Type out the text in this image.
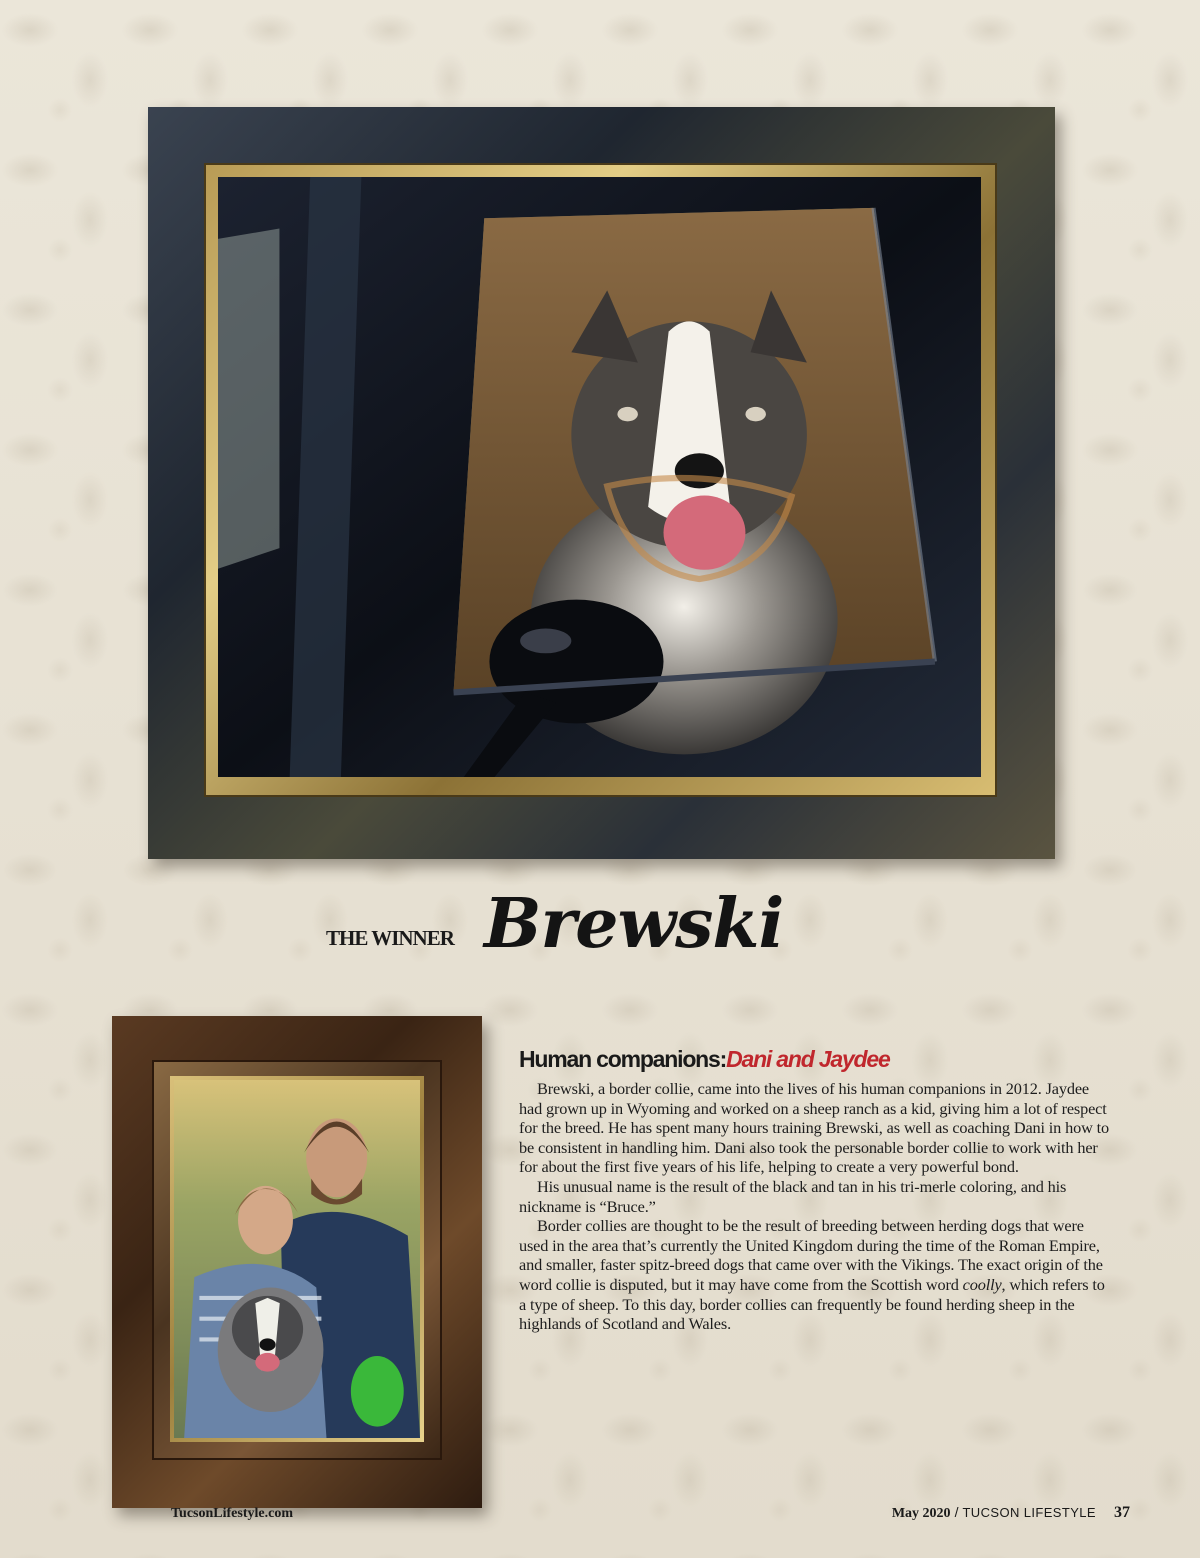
THE WINNER Brewski
Human companions:Dani and Jaydee

Brewski, a border collie, came into the lives of his human companions in 2012. Jaydee had grown up in Wyoming and worked on a sheep ranch as a kid, giving him a lot of respect for the breed. He has spent many hours training Brewski, as well as coaching Dani in how to be consistent in handling him. Dani also took the personable border collie to work with her for about the first five years of his life, helping to create a very powerful bond.

His unusual name is the result of the black and tan in his tri-merle coloring, and his nickname is “Bruce.”

Border collies are thought to be the result of breeding between herding dogs that were used in the area that’s currently the United Kingdom during the time of the Roman Empire, and smaller, faster spitz-breed dogs that came over with the Vikings. The exact origin of the word collie is disputed, but it may have come from the Scottish word coolly, which refers to a type of sheep. To this day, border collies can frequently be found herding sheep in the highlands of Scotland and Wales.

TucsonLifestyle.com	May 2020 / TUCSON LIFESTYLE 37
